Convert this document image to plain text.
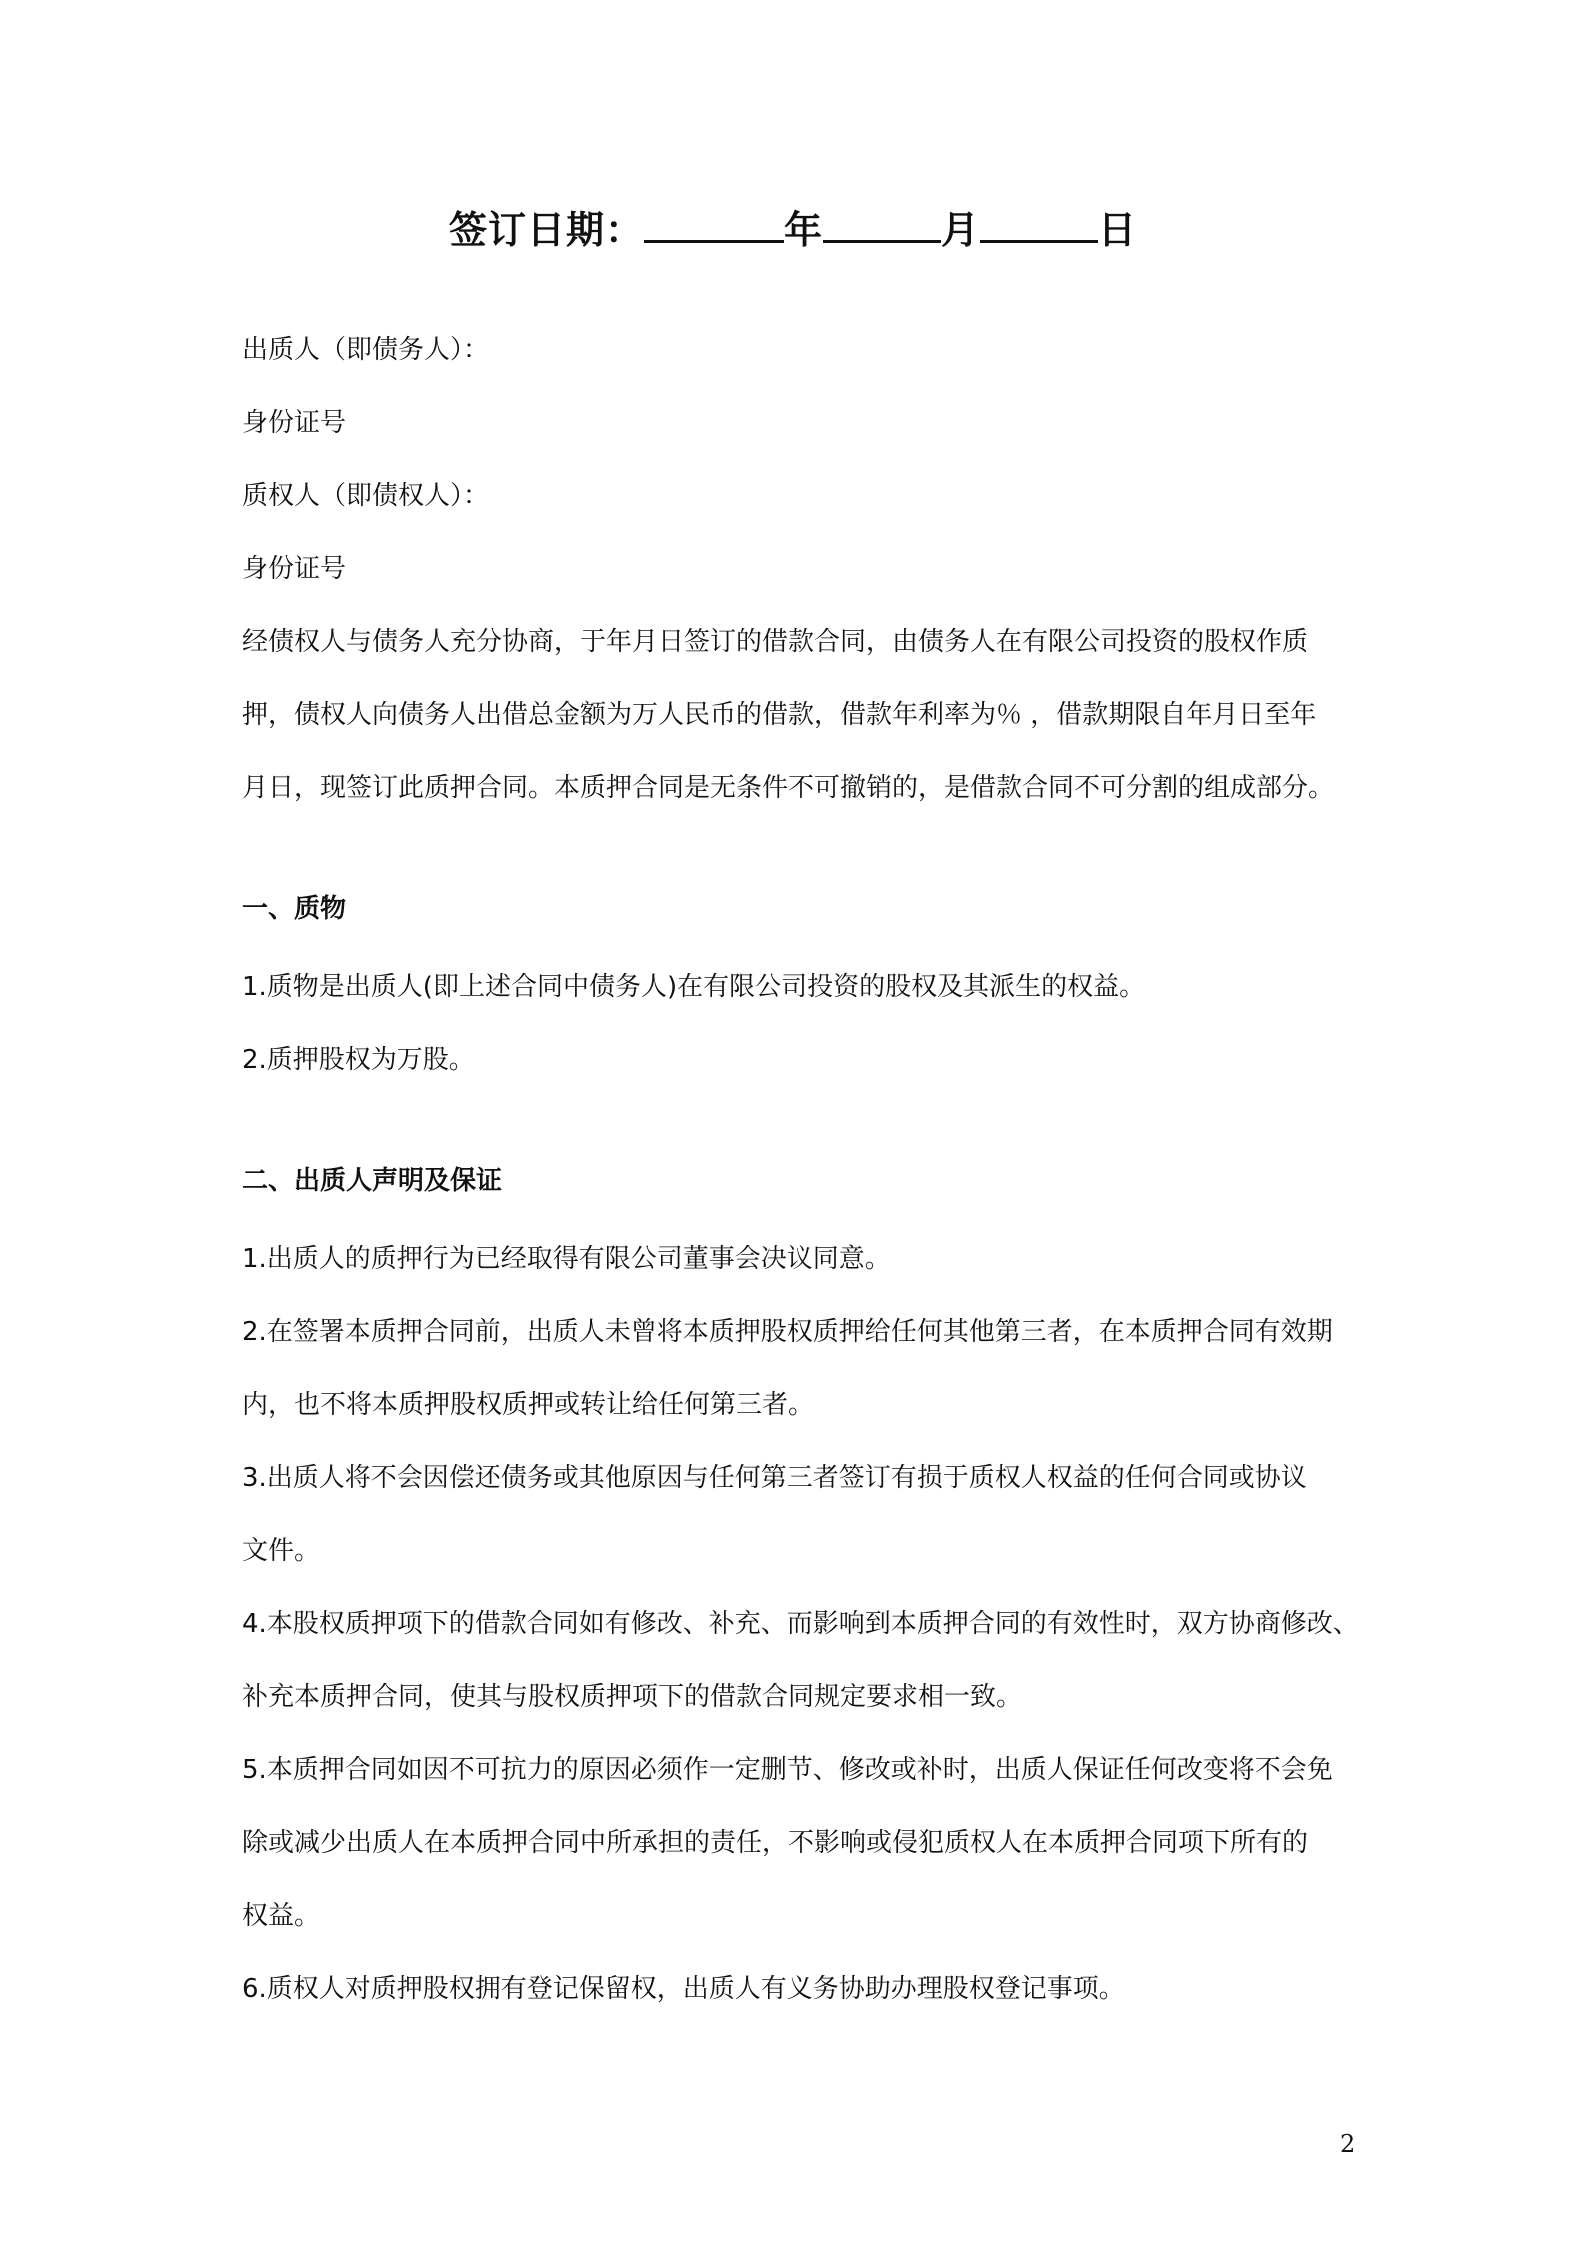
签订日期：	年	月	日

出质人（即债务人）：

身份证号

质权人（即债权人）：

身份证号

经债权人与债务人充分协商，于年月日签订的借款合同，由债务人在有限公司投资的股权作质

押，债权人向债务人出借总金额为万人民币的借款，借款年利率为％ ，借款期限自年月日至年

月日，现签订此质押合同。本质押合同是无条件不可撤销的，是借款合同不可分割的组成部分。

一、质物

1.质物是出质人(即上述合同中债务人)在有限公司投资的股权及其派生的权益。

2.质押股权为万股。

二、出质人声明及保证

1.出质人的质押行为已经取得有限公司董事会决议同意。

2.在签署本质押合同前，出质人未曾将本质押股权质押给任何其他第三者，在本质押合同有效期

内，也不将本质押股权质押或转让给任何第三者。

3.出质人将不会因偿还债务或其他原因与任何第三者签订有损于质权人权益的任何合同或协议

文件。

4.本股权质押项下的借款合同如有修改、补充、而影响到本质押合同的有效性时，双方协商修改、

补充本质押合同，使其与股权质押项下的借款合同规定要求相一致。

5.本质押合同如因不可抗力的原因必须作一定删节、修改或补时，出质人保证任何改变将不会免

除或减少出质人在本质押合同中所承担的责任，不影响或侵犯质权人在本质押合同项下所有的

权益。

6.质权人对质押股权拥有登记保留权，出质人有义务协助办理股权登记事项。

2
